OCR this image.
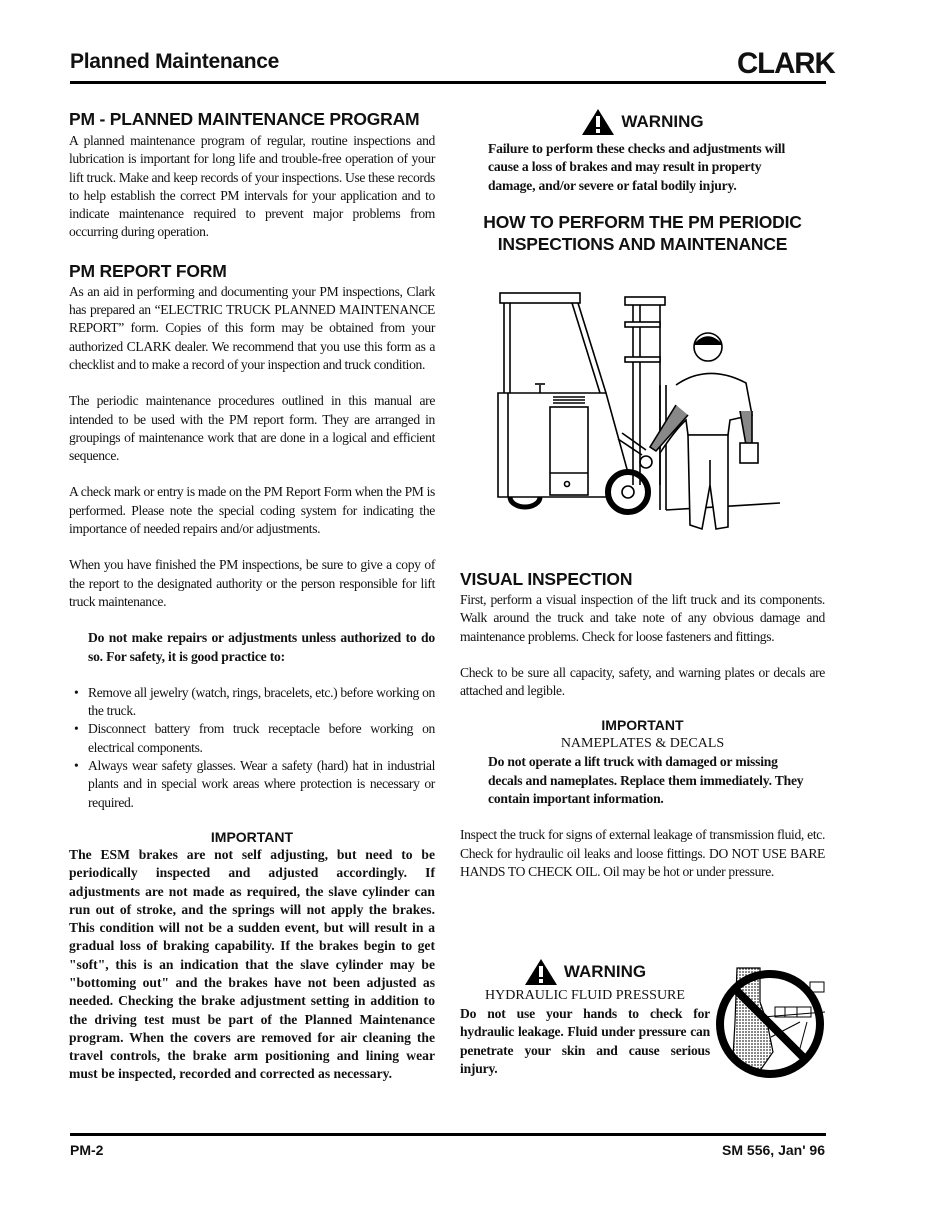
Planned Maintenance	CLARK
PM - PLANNED MAINTENANCE PROGRAM

A planned maintenance program of regular, routine inspections and lubrication is important for long life and trouble-free operation of your lift truck. Make and keep records of your inspections. Use these records to help establish the correct PM intervals for your application and to indicate maintenance required to prevent major problems from occurring during operation.

PM REPORT FORM

As an aid in performing and documenting your PM inspections, Clark has prepared an “ELECTRIC TRUCK PLANNED MAINTENANCE REPORT” form. Copies of this form may be obtained from your authorized CLARK dealer. We recommend that you use this form as a checklist and to make a record of your inspection and truck condition.

The periodic maintenance procedures outlined in this manual are intended to be used with the PM report form. They are arranged in groupings of maintenance work that are done in a logical and efficient sequence.

A check mark or entry is made on the PM Report Form when the PM is performed. Please note the special coding system for indicating the importance of needed repairs and/or adjustments.

When you have finished the PM inspections, be sure to give a copy of the report to the designated authority or the person responsible for lift truck maintenance.

Do not make repairs or adjustments unless authorized to do so. For safety, it is good practice to:

• Remove all jewelry (watch, rings, bracelets, etc.) before working on the truck.
• Disconnect battery from truck receptacle before working on electrical components.
• Always wear safety glasses. Wear a safety (hard) hat in industrial plants and in special work areas where protection is necessary or required.
IMPORTANT

The ESM brakes are not self adjusting, but need to be periodically inspected and adjusted accordingly. If adjustments are not made as required, the slave cylinder can run out of stroke, and the springs will not apply the brakes. This condition will not be a sudden event, but will result in a gradual loss of braking capability. If the brakes begin to get "soft", this is an indication that the slave cylinder may be "bottoming out" and the brakes have not been adjusted as needed. Checking the brake adjustment setting in addition to the driving test must be part of the Planned Maintenance program. When the covers are removed for air cleaning the travel controls, the brake arm positioning and lining wear must be inspected, recorded and corrected as necessary.

WARNING

Failure to perform these checks and adjustments will cause a loss of brakes and may result in property damage, and/or severe or fatal bodily injury.

HOW TO PERFORM THE PM PERIODIC
INSPECTIONS AND MAINTENANCE
VISUAL INSPECTION

First, perform a visual inspection of the lift truck and its components. Walk around the truck and take note of any obvious damage and maintenance problems. Check for loose fasteners and fittings.

Check to be sure all capacity, safety, and warning plates or decals are attached and legible.

IMPORTANT
NAMEPLATES & DECALS

Do not operate a lift truck with damaged or missing decals and nameplates. Replace them immediately. They contain important information.

Inspect the truck for signs of external leakage of transmission fluid, etc. Check for hydraulic oil leaks and loose fittings. DO NOT USE BARE HANDS TO CHECK OIL. Oil may be hot or under pressure.

WARNING
HYDRAULIC FLUID PRESSURE

Do not use your hands to check for hydraulic leakage. Fluid under pressure can penetrate your skin and cause serious injury.

PM-2	SM 556, Jan' 96
